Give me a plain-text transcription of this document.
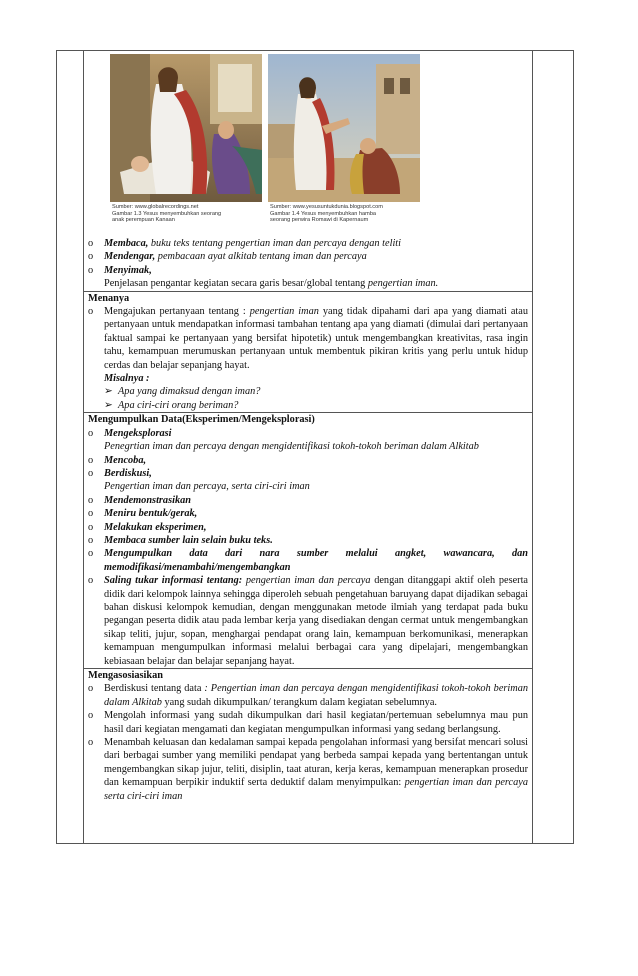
Sumber: www.globalrecordings.net
Gambar 1.3 Yesus menyembuhkan seorang
anak perempuan Kanaan
Sumber: www.yesusuntukdunia.blogspot.com
Gambar 1.4 Yesus menyembuhkan hamba
seorang perwira Romawi di Kapernaum
o Membaca, buku teks tentang pengertian iman dan percaya dengan teliti
o Mendengar, pembacaan ayat alkitab tentang iman dan percaya
o Menyimak,
Penjelasan pengantar kegiatan secara garis besar/global tentang pengertian iman.

Menanya
o Mengajukan pertanyaan tentang : pengertian iman yang tidak dipahami dari apa yang diamati atau pertanyaan untuk mendapatkan informasi tambahan tentang apa yang diamati (dimulai dari pertanyaan faktual sampai ke pertanyaan yang bersifat hipotetik) untuk mengembangkan kreativitas, rasa ingin tahu, kemampuan merumuskan pertanyaan untuk membentuk pikiran kritis yang perlu untuk hidup cerdas dan belajar sepanjang hayat.
Misalnya :
➢ Apa yang dimaksud dengan iman?
➢ Apa ciri-ciri orang beriman?

Mengumpulkan Data(Eksperimen/Mengeksplorasi)
o Mengeksplorasi
Penegrtian iman dan percaya dengan mengidentifikasi tokoh-tokoh beriman dalam Alkitab
o Mencoba,
o Berdiskusi,
Pengertian iman dan percaya, serta ciri-ciri iman
o Mendemonstrasikan
o Meniru bentuk/gerak,
o Melakukan eksperimen,
o Membaca sumber lain selain buku teks.
o Mengumpulkan data dari nara sumber melalui angket, wawancara, dan memodifikasi/menambahi/mengembangkan
o Saling tukar informasi tentang: pengertian iman dan percaya dengan ditanggapi aktif oleh peserta didik dari kelompok lainnya sehingga diperoleh sebuah pengetahuan baruyang dapat dijadikan sebagai bahan diskusi kelompok kemudian, dengan menggunakan metode ilmiah yang terdapat pada buku pegangan peserta didik atau pada lembar kerja yang disediakan dengan cermat untuk mengembangkan sikap teliti, jujur, sopan, menghargai pendapat orang lain, kemampuan berkomunikasi, menerapkan kemampuan mengumpulkan informasi melalui berbagai cara yang dipelajari, mengembangkan kebiasaan belajar dan belajar sepanjang hayat.

Mengasosiasikan
o Berdiskusi tentang data : Pengertian iman dan percaya dengan mengidentifikasi tokoh-tokoh beriman dalam Alkitab yang sudah dikumpulkan/ terangkum dalam kegiatan sebelumnya.
o Mengolah informasi yang sudah dikumpulkan dari hasil kegiatan/pertemuan sebelumnya mau pun hasil dari kegiatan mengamati dan kegiatan mengumpulkan informasi yang sedang berlangsung.
o Menambah keluasan dan kedalaman sampai kepada pengolahan informasi yang bersifat mencari solusi dari berbagai sumber yang memiliki pendapat yang berbeda sampai kepada yang bertentangan untuk mengembangkan sikap jujur, teliti, disiplin, taat aturan, kerja keras, kemampuan menerapkan prosedur dan kemampuan berpikir induktif serta deduktif dalam menyimpulkan: pengertian iman dan percaya serta ciri-ciri iman
